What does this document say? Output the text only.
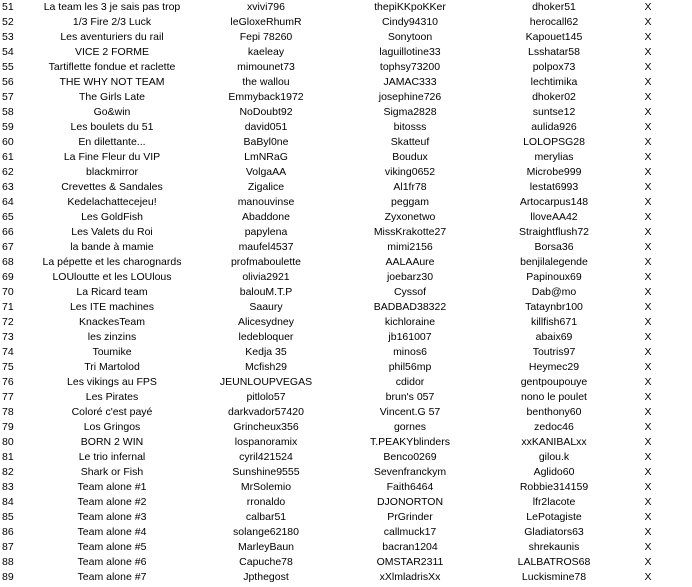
51	La team les 3 je sais pas trop	xvivi796	thepiKKpoKKer	dhoker51	X
52	1/3 Fire 2/3 Luck	leGloxeRhumR	Cindy94310	herocall62	X
53	Les aventuriers du rail	Fepi 78260	Sonytoon	Kapouet145	X
54	VICE 2 FORME	kaeleay	laguillotine33	Lsshatar58	X
55	Tartiflette fondue et raclette	mimounet73	tophsy73200	polpox73	X
56	THE WHY NOT TEAM	the wallou	JAMAC333	lechtimika	X
57	The Girls Late	Emmyback1972	josephine726	dhoker02	X
58	Go&win	NoDoubt92	Sigma2828	suntse12	X
59	Les boulets du 51	david051	bitosss	aulida926	X
60	En dilettante...	BaByl0ne	Skatteuf	LOLOPSG28	X
61	La Fine Fleur du VIP	LmNRaG	Boudux	merylias	X
62	blackmirror	VolgaAA	viking0652	Microbe999	X
63	Crevettes & Sandales	Zigalice	Al1fr78	lestat6993	X
64	Kedelachattecejeu!	manouvinse	peggam	Artocarpus148	X
65	Les GoldFish	Abaddone	Zyxonetwo	lloveAA42	X
66	Les Valets du Roi	papylena	MissKrakotte27	Straightflush72	X
67	la bande à mamie	maufel4537	mimi2156	Borsa36	X
68	La pépette et les charognards	profmaboulette	AALAAure	benjilalegende	X
69	LOUloutte et les LOUlous	olivia2921	joebarz30	Papinoux69	X
70	La Ricard team	balouM.T.P	Cyssof	Dab@mo	X
71	Les ITE machines	Saaury	BADBAD38322	Tataynbr100	X
72	KnackesTeam	Alicesydney	kichloraine	killfish671	X
73	les zinzins	ledebloquer	jb161007	abaix69	X
74	Toumike	Kedja 35	minos6	Toutris97	X
75	Tri Martolod	Mcfish29	phil56mp	Heymec29	X
76	Les vikings au FPS	JEUNLOUPVEGAS	cdidor	gentpoupouye	X
77	Les Pirates	pitlolo57	brun's 057	nono le poulet	X
78	Coloré c'est payé	darkvador57420	Vincent.G 57	benthony60	X
79	Los Gringos	Grincheux356	gornes	zedoc46	X
80	BORN 2 WIN	lospanoramix	T.PEAKYblinders	xxKANIBALxx	X
81	Le trio infernal	cyril421524	Benco0269	gilou.k	X
82	Shark or Fish	Sunshine9555	Sevenfranckym	Aglido60	X
83	Team alone #1	MrSolemio	Faith6464	Robbie314159	X
84	Team alone #2	rronaldo	DJONORTON	lfr2lacote	X
85	Team alone #3	calbar51	PrGrinder	LePotagiste	X
86	Team alone #4	solange62180	callmuck17	Gladiators63	X
87	Team alone #5	MarleyBaun	bacran1204	shrekaunis	X
88	Team alone #6	Capuche78	OMSTAR2311	LALBATROS68	X
89	Team alone #7	Jpthegost	xXlmladrisXx	Luckismine78	X
